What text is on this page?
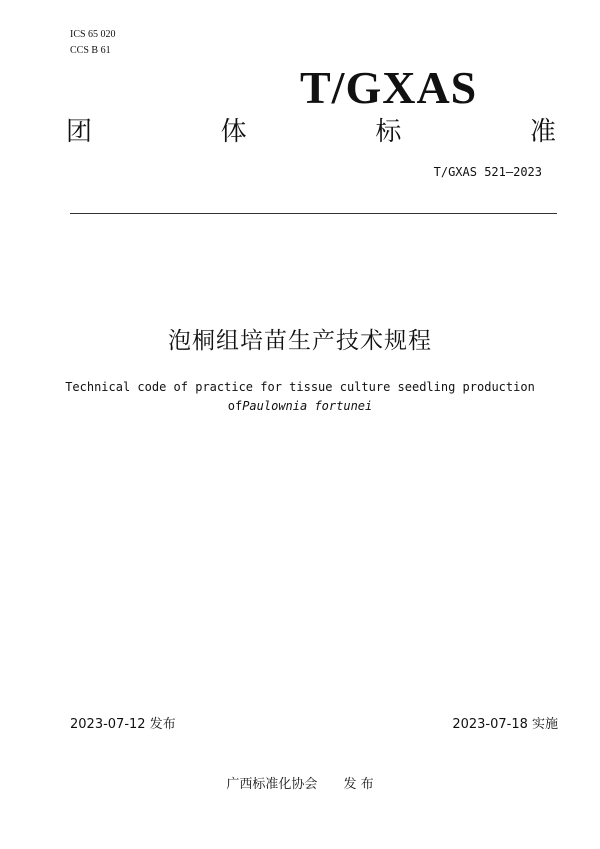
ICS 65 020
CCS B 61
T/GXAS
团	体	标	准
T/GXAS 521—2023
泡桐组培苗生产技术规程
Technical code of practice for tissue culture seedling production
ofPaulownia fortunei
2023-07-12 发布	2023-07-18 实施
广西标准化协会 发 布
